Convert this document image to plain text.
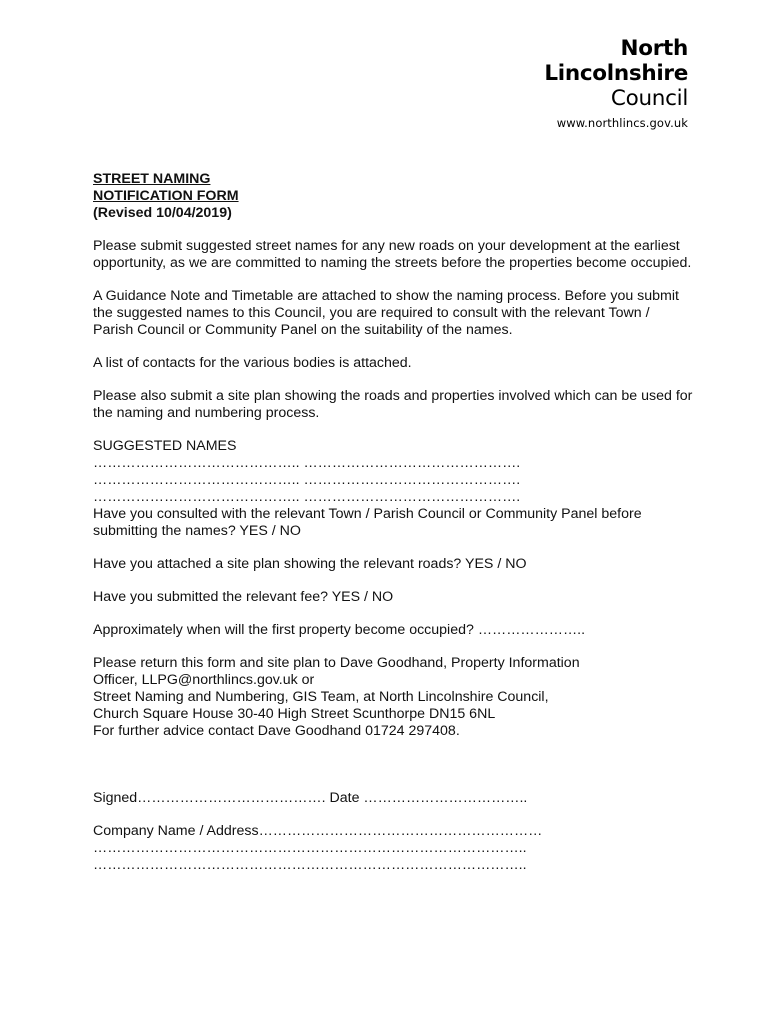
North
Lincolnshire
Council
www.northlincs.gov.uk
STREET NAMING
NOTIFICATION FORM
(Revised 10/04/2019)

Please submit suggested street names for any new roads on your development at the earliest opportunity, as we are committed to naming the streets before the properties become occupied.

A Guidance Note and Timetable are attached to show the naming process. Before you submit the suggested names to this Council, you are required to consult with the relevant Town / Parish Council or Community Panel on the suitability of the names.

A list of contacts for the various bodies is attached.

Please also submit a site plan showing the roads and properties involved which can be used for the naming and numbering process.

SUGGESTED NAMES
…………………………………….. ……………………………………….
…………………………………….. ……………………………………….
…………………………………….. ……………………………………….

Have you consulted with the relevant Town / Parish Council or Community Panel before submitting the names? YES / NO

Have you attached a site plan showing the relevant roads? YES / NO

Have you submitted the relevant fee? YES / NO

Approximately when will the first property become occupied? …………………..

Please return this form and site plan to Dave Goodhand, Property Information
Officer, LLPG@northlincs.gov.uk or
Street Naming and Numbering, GIS Team, at North Lincolnshire Council,
Church Square House 30-40 High Street Scunthorpe DN15 6NL
For further advice contact Dave Goodhand 01724 297408.

Signed…………………………………. Date ……………………………..

Company Name / Address……………………………………………………
………………………………………………………………………………..
………………………………………………………………………………..
